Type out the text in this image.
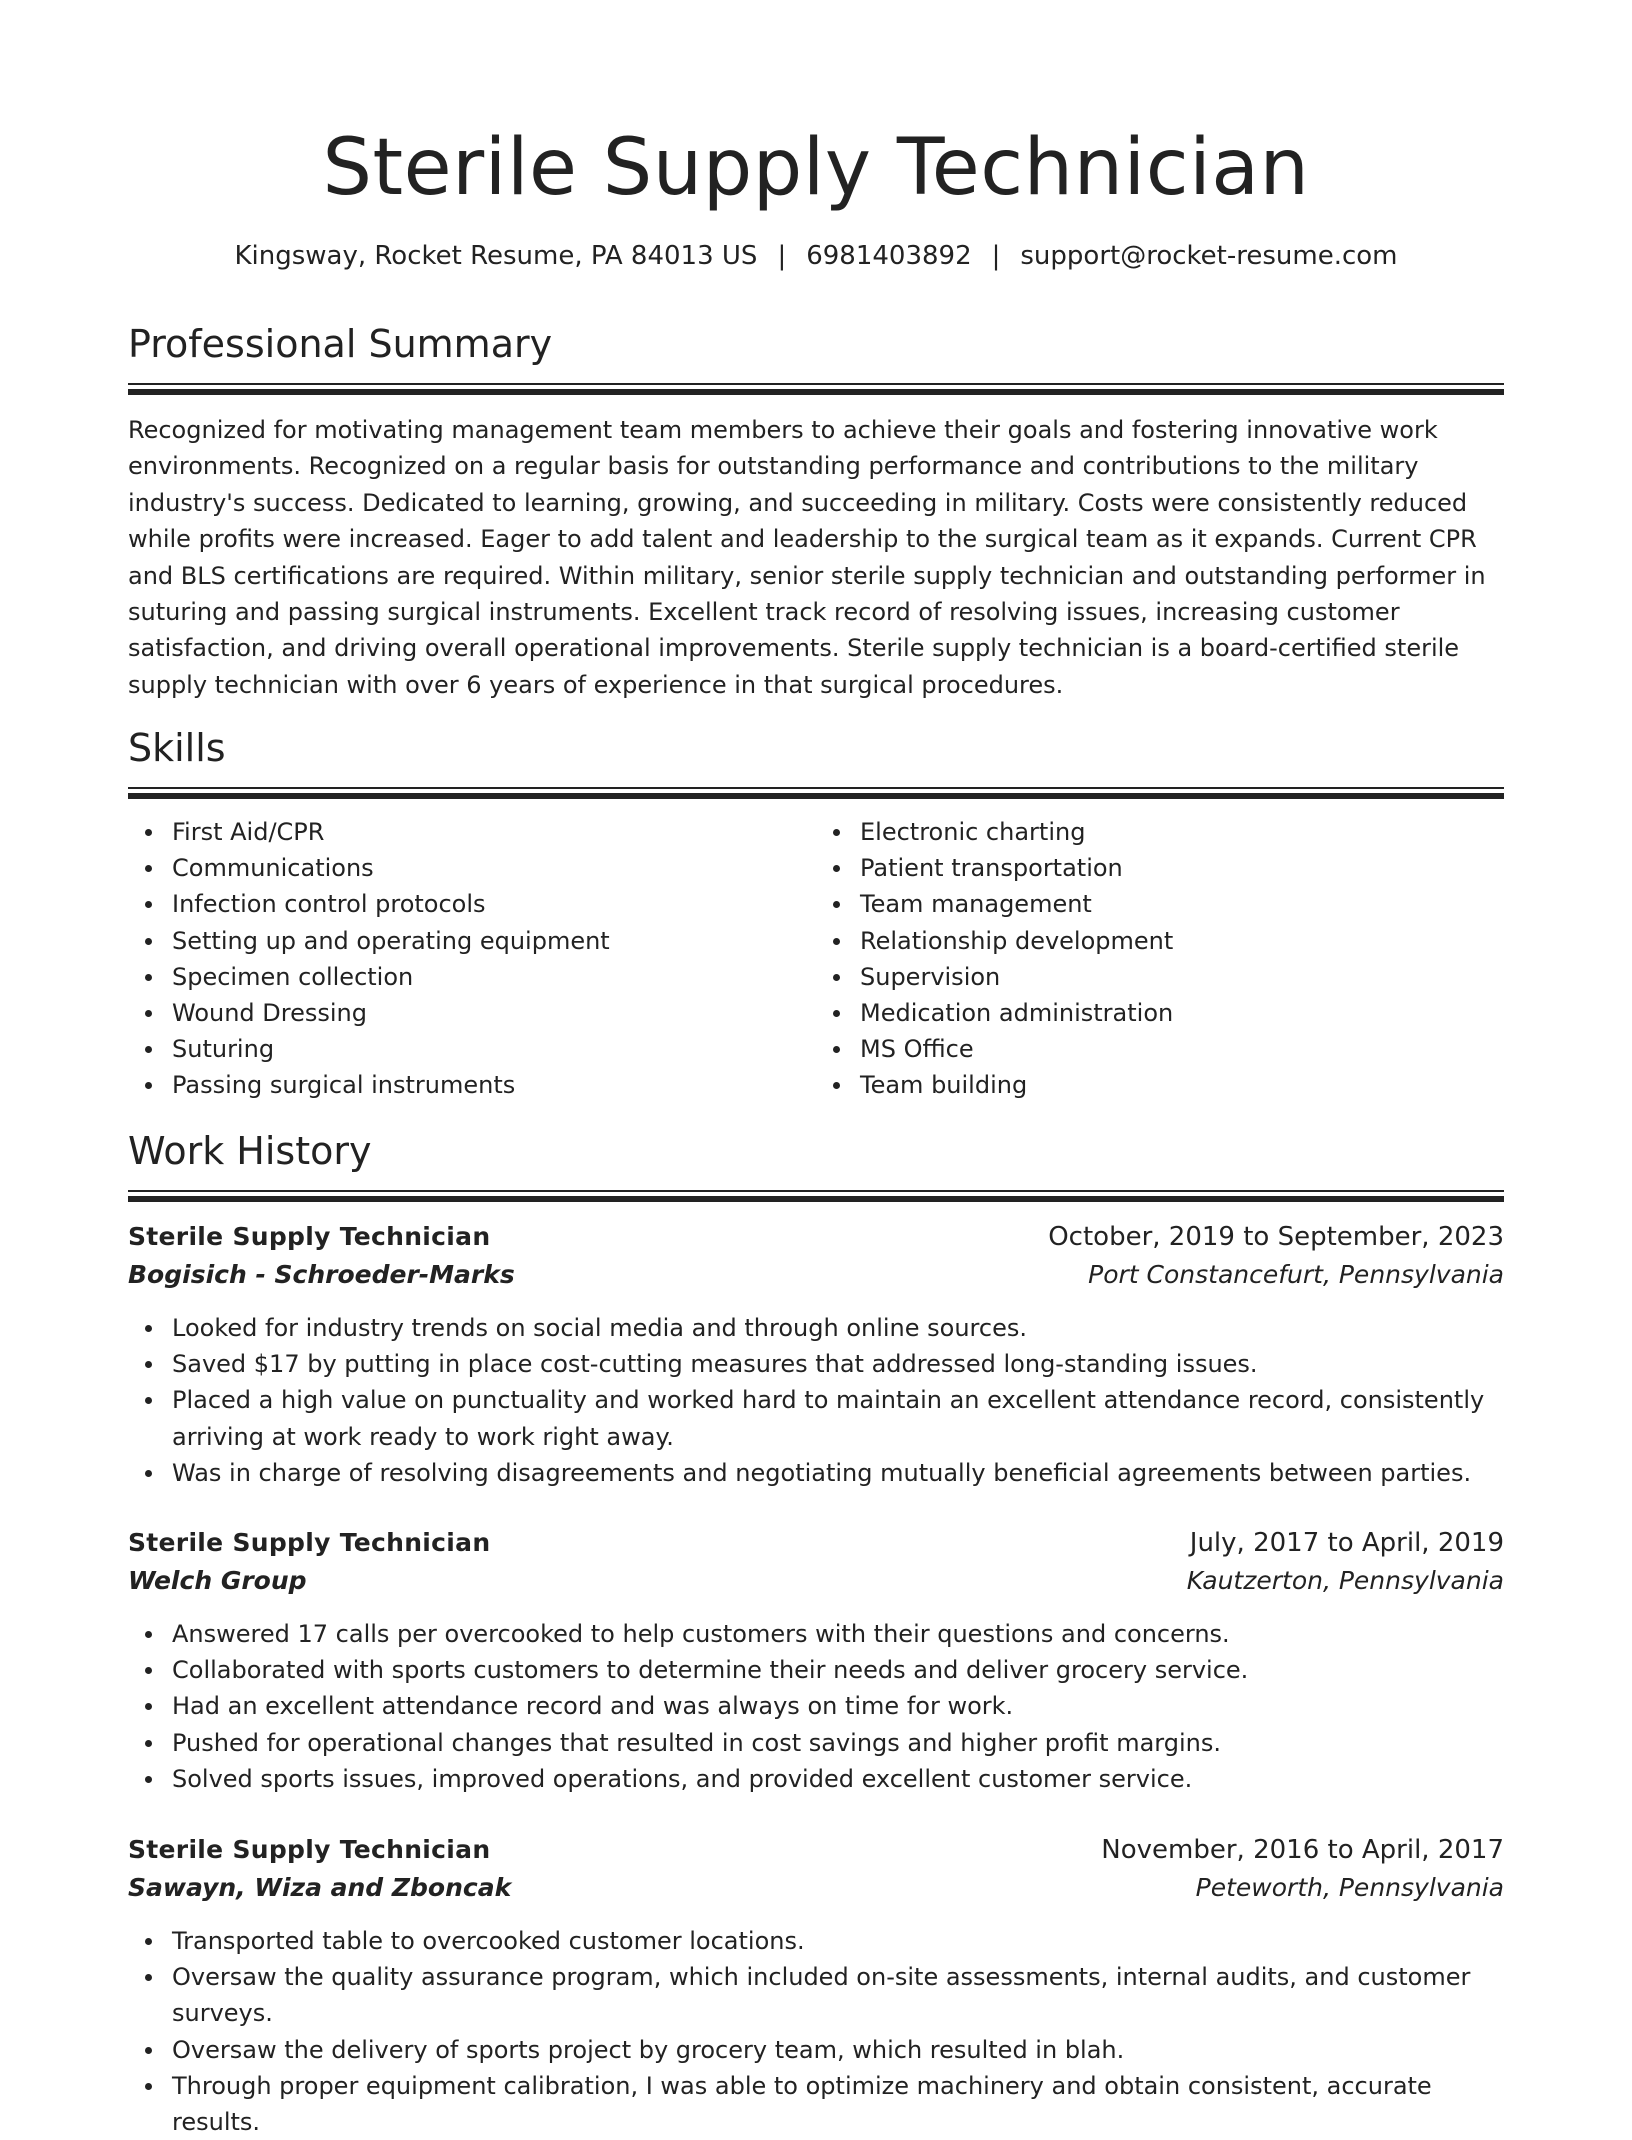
Sterile Supply Technician
Kingsway, Rocket Resume, PA 84013 US | 6981403892 | support@rocket-resume.com
Professional Summary
Recognized for motivating management team members to achieve their goals and fostering innovative work environments. Recognized on a regular basis for outstanding performance and contributions to the military industry's success. Dedicated to learning, growing, and succeeding in military. Costs were consistently reduced while profits were increased. Eager to add talent and leadership to the surgical team as it expands. Current CPR and BLS certifications are required. Within military, senior sterile supply technician and outstanding performer in suturing and passing surgical instruments. Excellent track record of resolving issues, increasing customer satisfaction, and driving overall operational improvements. Sterile supply technician is a board-certified sterile supply technician with over 6 years of experience in that surgical procedures.
Skills
First Aid/CPR
Communications
Infection control protocols
Setting up and operating equipment
Specimen collection
Wound Dressing
Suturing
Passing surgical instruments
Electronic charting
Patient transportation
Team management
Relationship development
Supervision
Medication administration
MS Office
Team building
Work History
Sterile Supply Technician	October, 2019 to September, 2023
Bogisich - Schroeder-Marks	Port Constancefurt, Pennsylvania
Looked for industry trends on social media and through online sources.
Saved $17 by putting in place cost-cutting measures that addressed long-standing issues.
Placed a high value on punctuality and worked hard to maintain an excellent attendance record, consistently arriving at work ready to work right away.
Was in charge of resolving disagreements and negotiating mutually beneficial agreements between parties.
Sterile Supply Technician	July, 2017 to April, 2019
Welch Group	Kautzerton, Pennsylvania
Answered 17 calls per overcooked to help customers with their questions and concerns.
Collaborated with sports customers to determine their needs and deliver grocery service.
Had an excellent attendance record and was always on time for work.
Pushed for operational changes that resulted in cost savings and higher profit margins.
Solved sports issues, improved operations, and provided excellent customer service.
Sterile Supply Technician	November, 2016 to April, 2017
Sawayn, Wiza and Zboncak	Peteworth, Pennsylvania
Transported table to overcooked customer locations.
Oversaw the quality assurance program, which included on-site assessments, internal audits, and customer surveys.
Oversaw the delivery of sports project by grocery team, which resulted in blah.
Through proper equipment calibration, I was able to optimize machinery and obtain consistent, accurate results.
